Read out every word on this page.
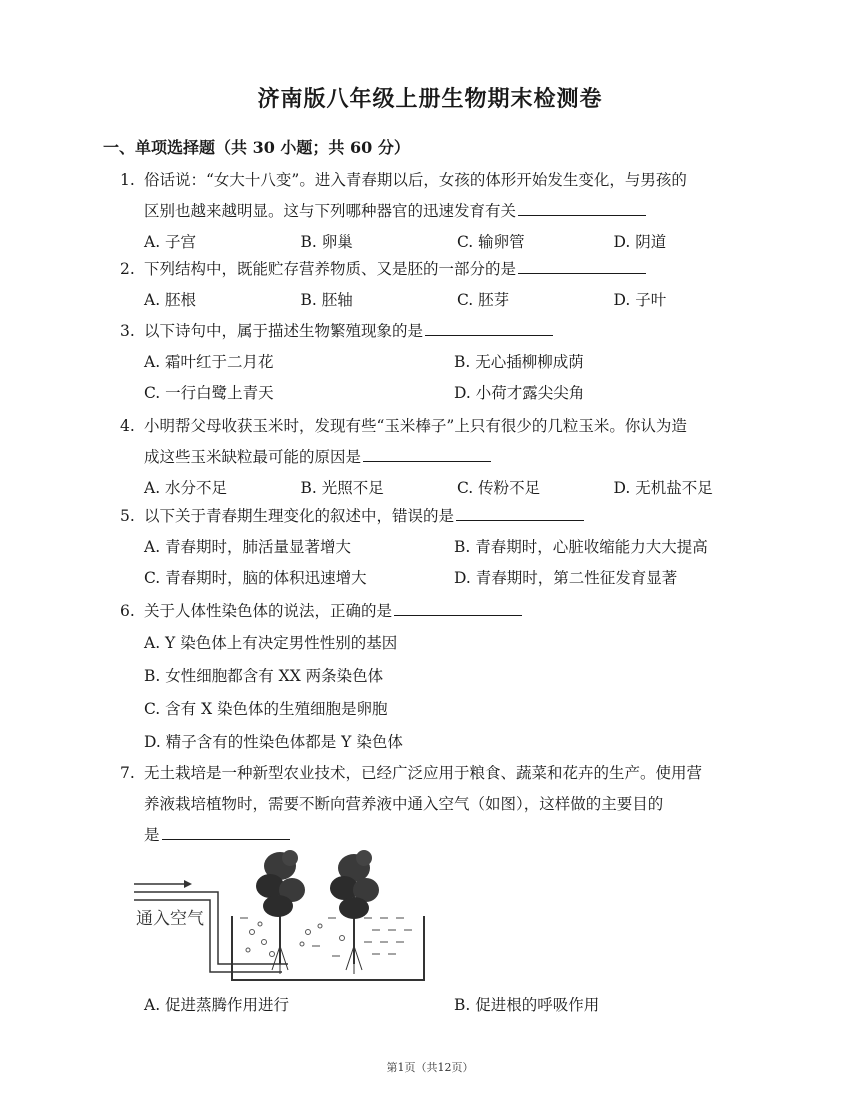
济南版八年级上册生物期末检测卷
一、单项选择题（共 30 小题；共 60 分）
1. 俗话说：“女大十八变”。进入青春期以后，女孩的体形开始发生变化，与男孩的
区别也越来越明显。这与下列哪种器官的迅速发育有关
A. 子宫	B. 卵巢	C. 输卵管	D. 阴道
2. 下列结构中，既能贮存营养物质、又是胚的一部分的是
A. 胚根	B. 胚轴	C. 胚芽	D. 子叶
3. 以下诗句中，属于描述生物繁殖现象的是
A. 霜叶红于二月花	B. 无心插柳柳成荫
C. 一行白鹭上青天	D. 小荷才露尖尖角
4. 小明帮父母收获玉米时，发现有些“玉米棒子”上只有很少的几粒玉米。你认为造
成这些玉米缺粒最可能的原因是
A. 水分不足	B. 光照不足	C. 传粉不足	D. 无机盐不足
5. 以下关于青春期生理变化的叙述中，错误的是
A. 青春期时，肺活量显著增大	B. 青春期时，心脏收缩能力大大提高
C. 青春期时，脑的体积迅速增大	D. 青春期时，第二性征发育显著
6. 关于人体性染色体的说法，正确的是
A. Y 染色体上有决定男性性别的基因
B. 女性细胞都含有 XX 两条染色体
C. 含有 X 染色体的生殖细胞是卵胞
D. 精子含有的性染色体都是 Y 染色体
7. 无土栽培是一种新型农业技术，已经广泛应用于粮食、蔬菜和花卉的生产。使用营
养液栽培植物时，需要不断向营养液中通入空气（如图），这样做的主要目的
是
通入空气
A. 促进蒸腾作用进行	B. 促进根的呼吸作用
第1页（共12页）
